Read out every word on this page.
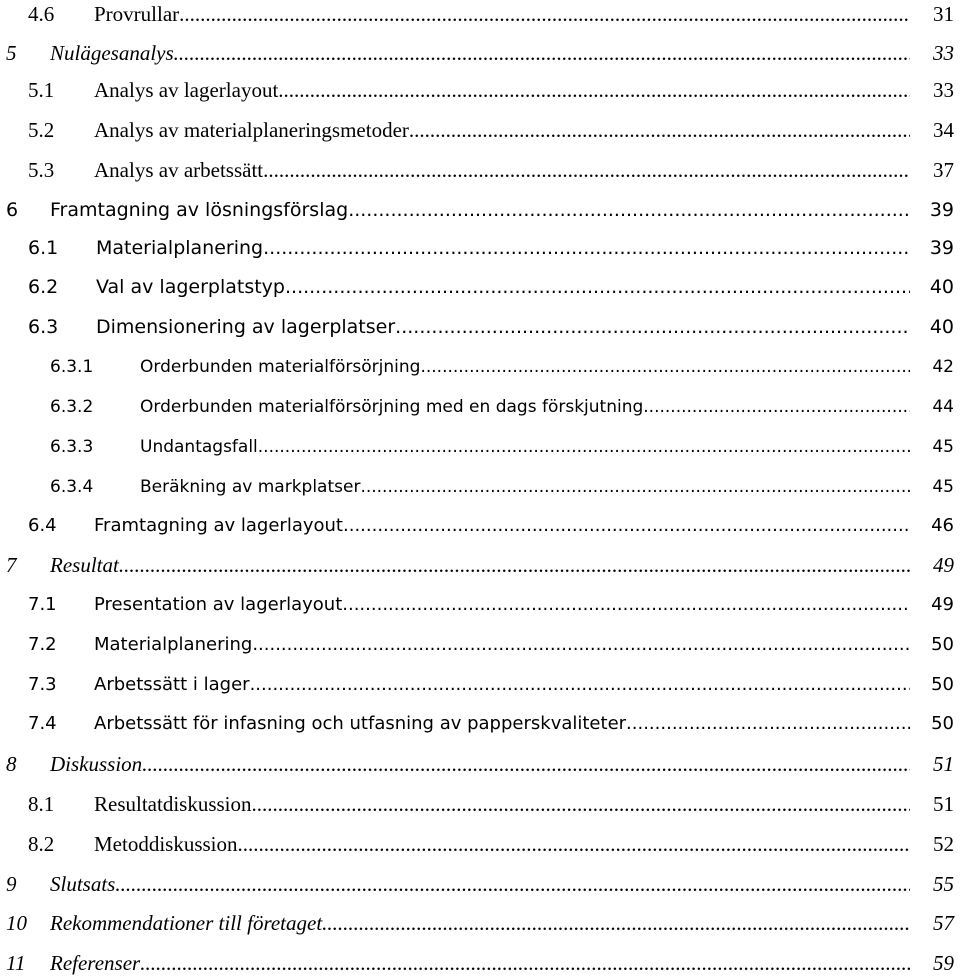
4.6 Provrullar .....	31
5 Nulägesanalys .....	33
5.1 Analys av lagerlayout .....	33
5.2 Analys av materialplaneringsmetoder .....	34
5.3 Analys av arbetssätt .....	37
6 Framtagning av lösningsförslag .....	39
6.1 Materialplanering .....	39
6.2 Val av lagerplatstyp .....	40
6.3 Dimensionering av lagerplatser .....	40
6.3.1	Orderbunden materialförsörjning .....	42
6.3.2	Orderbunden materialförsörjning med en dags förskjutning .....	44
6.3.3	Undantagsfall .....	45
6.3.4	Beräkning av markplatser .....	45
6.4 Framtagning av lagerlayout .....	46
7 Resultat .....	49
7.1 Presentation av lagerlayout .....	49
7.2 Materialplanering .....	50
7.3 Arbetssätt i lager .....	50
7.4 Arbetssätt för infasning och utfasning av papperskvaliteter .....	50
8 Diskussion .....	51
8.1 Resultatdiskussion .....	51
8.2 Metoddiskussion .....	52
9 Slutsats .....	55
10 Rekommendationer till företaget .....	57
11 Referenser .....	59
